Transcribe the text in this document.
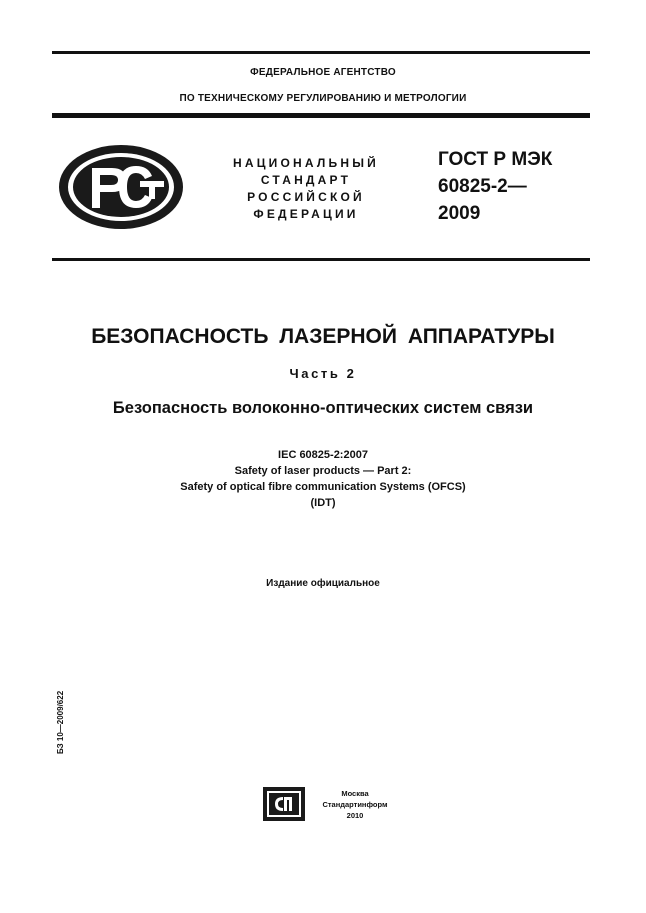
ФЕДЕРАЛЬНОЕ АГЕНТСТВО
ПО ТЕХНИЧЕСКОМУ РЕГУЛИРОВАНИЮ И МЕТРОЛОГИИ
НАЦИОНАЛЬНЫЙ
СТАНДАРТ
РОССИЙСКОЙ
ФЕДЕРАЦИИ
ГОСТ Р МЭК
60825-2—
2009
БЕЗОПАСНОСТЬ ЛАЗЕРНОЙ АППАРАТУРЫ
Часть 2
Безопасность волоконно-оптических систем связи
IEC 60825-2:2007
Safety of laser products — Part 2:
Safety of optical fibre communication Systems (OFCS)
(IDT)
Издание официальное
БЗ 10—2009/622
Москва
Стандартинформ
2010
